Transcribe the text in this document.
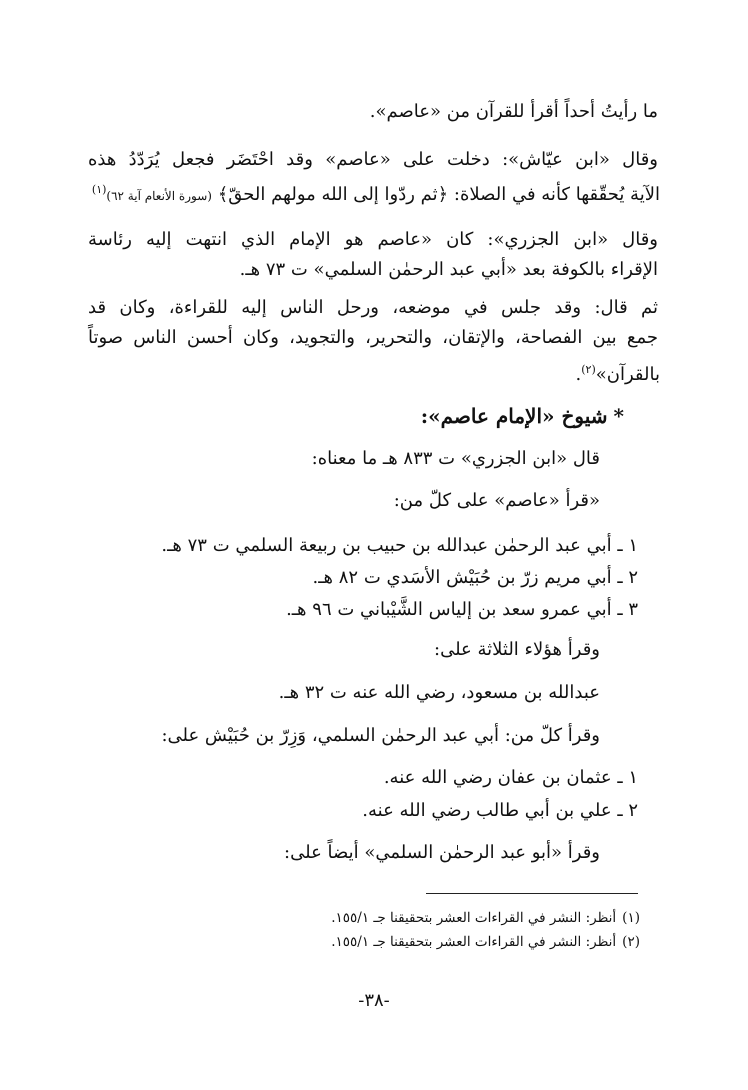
ما رأيتُ أحداً أقرأ للقرآن من «عاصم».
وقال «ابن عيّاش»: دخلت على «عاصم» وقد احْتَضَر فجعل يُرَدّدُ هذه
الآية يُحقّقها كأنه في الصلاة: ﴿ثم ردّوا إلى الله مولهم الحقّ﴾ (سورة الأنعام آية ٦٢)$^{(١)}$
وقال «ابن الجزري»: كان «عاصم هو الإمام الذي انتهت إليه رئاسة
الإقراء بالكوفة بعد «أبي عبد الرحمٰن السلمي» ت ٧٣ هـ.
ثم قال: وقد جلس في موضعه، ورحل الناس إليه للقراءة، وكان قد
جمع بين الفصاحة، والإتقان، والتحرير، والتجويد، وكان أحسن الناس صوتاً
بالقرآن»$^{(٢)}$.
*شيوخ «الإمام عاصم»:
قال «ابن الجزري» ت ٨٣٣ هـ ما معناه:
«قرأ «عاصم» على كلّ من:
١ ـ أبي عبد الرحمٰن عبدالله بن حبيب بن ربيعة السلمي ت ٧٣ هـ.
٢ ـ أبي مريم زرّ بن حُبَيْش الأسَدي ت ٨٢ هـ.
٣ ـ أبي عمرو سعد بن إلياس الشَّيْباني ت ٩٦ هـ.
وقرأ هؤلاء الثلاثة على:
عبدالله بن مسعود، رضي الله عنه ت ٣٢ هـ.
وقرأ كلّ من: أبي عبد الرحمٰن السلمي، وَزِرّ بن حُبَيْش على:
١ ـ عثمان بن عفان رضي الله عنه.
٢ ـ علي بن أبي طالب رضي الله عنه.
وقرأ «أبو عبد الرحمٰن السلمي» أيضاً على:
(١)أنظر: النشر في القراءات العشر بتحقيقنا جـ ١٥٥/١.
(٢)أنظر: النشر في القراءات العشر بتحقيقنا جـ ١٥٥/١.
-٣٨-
